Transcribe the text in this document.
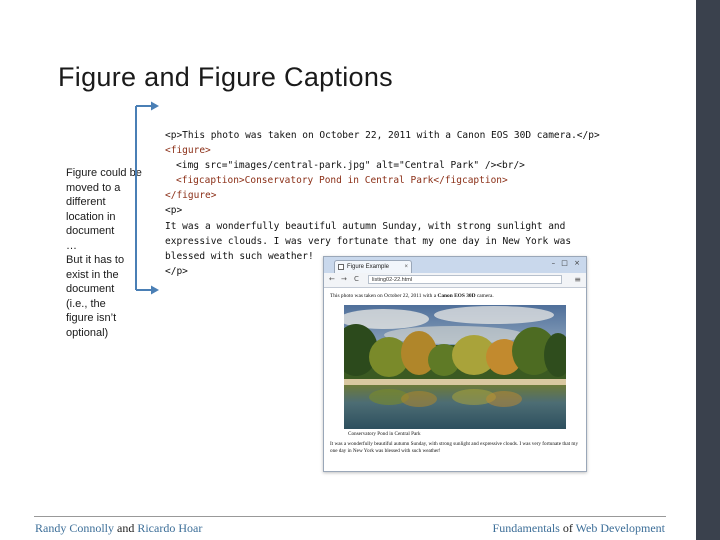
Figure and Figure Captions
Figure could be
moved to a
different
location in
document
…
But it has to
exist in the
document
(i.e., the
figure isn’t
optional)
<p>This photo was taken on October 22, 2011 with a Canon EOS 30D camera.</p>
<figure>
<img src="images/central-park.jpg" alt="Central Park" /><br/>
<figcaption>Conservatory Pond in Central Park</figcaption>
</figure>
<p>
It was a wonderfully beautiful autumn Sunday, with strong sunlight and
expressive clouds. I was very fortunate that my one day in New York was
blessed with such weather!
</p>	Figure Example	×	– □ ×
← → C	listing02-22.html	≡
This photo was taken on October 22, 2011 with a Canon EOS 30D camera.
Conservatory Pond in Central Park
It was a wonderfully beautiful autumn Sunday, with strong sunlight and expressive clouds. I was very fortunate that my one day in New York was blessed with such weather!
Randy Connolly and Ricardo Hoar	Fundamentals of Web Development
